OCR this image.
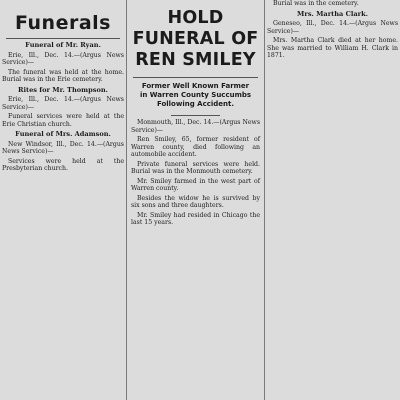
Funerals
Funeral of Mr. Ryan.

Erie, Ill., Dec. 14.—(Argus News Service)—

The funeral was held at the home. Burial was in the Erie cemetery.

Rites for Mr. Thompson.

Erie, Ill., Dec. 14.—(Argus News Service)—

Funeral services were held at the Erie Christian church.

Funeral of Mrs. Adamson.

New Windsor, Ill., Dec. 14.—(Argus News Service)—

Services were held at the Presbyterian church.

HOLD FUNERAL OF REN SMILEY
Former Well Known Farmer in Warren County Succumbs Following Accident.

Monmouth, Ill., Dec. 14.—(Argus News Service)—

Ren Smiley, 65, former resident of Warren county, died following an automobile accident.

Private funeral services were held. Burial was in the Monmouth cemetery.

Mr. Smiley farmed in the west part of Warren county.

Besides the widow he is survived by six sons and three daughters.

Mr. Smiley had resided in Chicago the last 15 years.

Burial was in the cemetery.

Mrs. Martha Clark.

Geneseo, Ill., Dec. 14.—(Argus News Service)—

Mrs. Martha Clark died at her home. She was married to William H. Clark in 1871.
